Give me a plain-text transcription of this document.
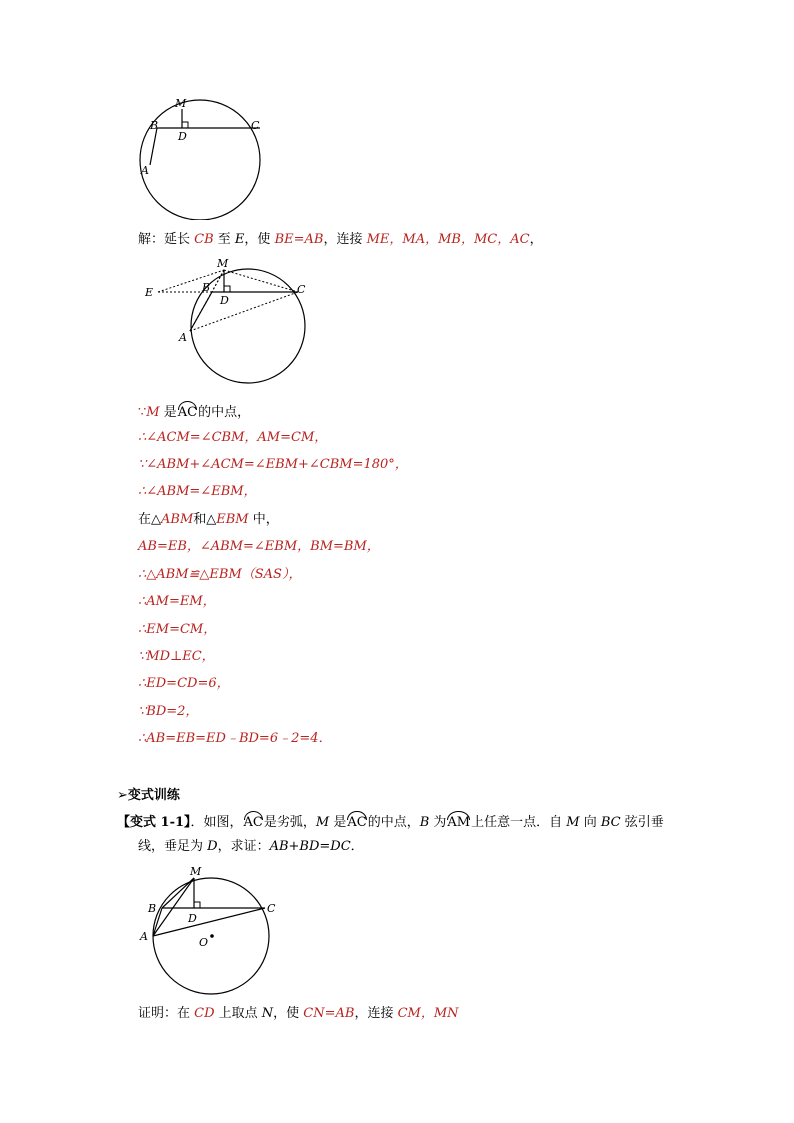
M
B
D
C
A
解：延长 CB 至 E，使 BE=AB，连接 ME，MA，MB，MC，AC，
M
E	B
D
C
A
∵M 是AC的中点，
∴∠ACM=∠CBM，AM=CM，
∵∠ABM+∠ACM=∠EBM+∠CBM=180°，
∴∠ABM=∠EBM，
在△ABM和△EBM 中，
AB=EB，∠ABM=∠EBM，BM=BM，
∴△ABM≌△EBM（SAS），
∴AM=EM，
∴EM=CM，
∵MD⊥EC，
∴ED=CD=6，
∵BD=2，
∴AB=EB=ED﹣BD=6﹣2=4．
➢变式训练
【变式 1-1】．如图，AC是劣弧，M 是AC的中点，B 为AM上任意一点．自 M 向 BC 弦引垂
线，垂足为 D，求证：AB+BD=DC．
M
B
D
C
A	O
证明：在 CD 上取点 N，使 CN=AB，连接 CM，MN
